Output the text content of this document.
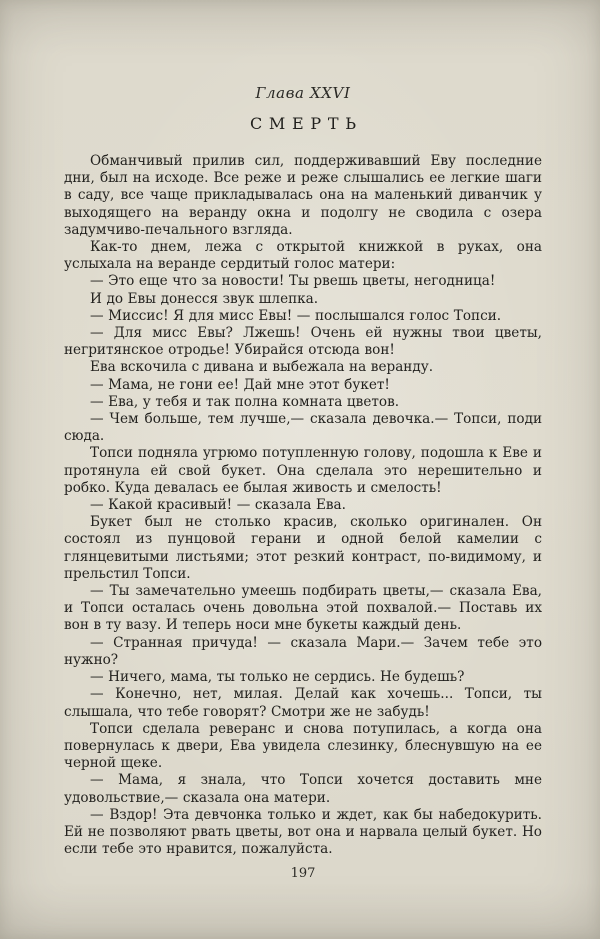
Глава XXVI
СМЕРТЬ

Обманчивый прилив сил, поддерживавший Еву последние дни, был на исходе. Все реже и реже слышались ее легкие шаги в саду, все чаще прикладывалась она на маленький диванчик у выходящего на веранду окна и подолгу не сводила с озера задумчиво-печального взгляда.

Как-то днем, лежа с открытой книжкой в руках, она услыхала на веранде сердитый голос матери:

— Это еще что за новости! Ты рвешь цветы, негодница!

И до Евы донесся звук шлепка.

— Миссис! Я для мисс Евы! — послышался голос Топси.

— Для мисс Евы? Лжешь! Очень ей нужны твои цветы, негритянское отродье! Убирайся отсюда вон!

Ева вскочила с дивана и выбежала на веранду.

— Мама, не гони ее! Дай мне этот букет!

— Ева, у тебя и так полна комната цветов.

— Чем больше, тем лучше,— сказала девочка.— Топси, поди сюда.

Топси подняла угрюмо потупленную голову, подошла к Еве и протянула ей свой букет. Она сделала это нерешительно и робко. Куда девалась ее былая живость и смелость!

— Какой красивый! — сказала Ева.

Букет был не столько красив, сколько оригинален. Он состоял из пунцовой герани и одной белой камелии с глянцевитыми листьями; этот резкий контраст, по-видимому, и прельстил Топси.

— Ты замечательно умеешь подбирать цветы,— сказала Ева, и Топси осталась очень довольна этой похвалой.— Поставь их вон в ту вазу. И теперь носи мне букеты каждый день.

— Странная причуда! — сказала Мари.— Зачем тебе это нужно?

— Ничего, мама, ты только не сердись. Не будешь?

— Конечно, нет, милая. Делай как хочешь... Топси, ты слышала, что тебе говорят? Смотри же не забудь!

Топси сделала реверанс и снова потупилась, а когда она повернулась к двери, Ева увидела слезинку, блеснувшую на ее черной щеке.

— Мама, я знала, что Топси хочется доставить мне удовольствие,— сказала она матери.

— Вздор! Эта девчонка только и ждет, как бы набедокурить. Ей не позволяют рвать цветы, вот она и нарвала целый букет. Но если тебе это нравится, пожалуйста.

197
